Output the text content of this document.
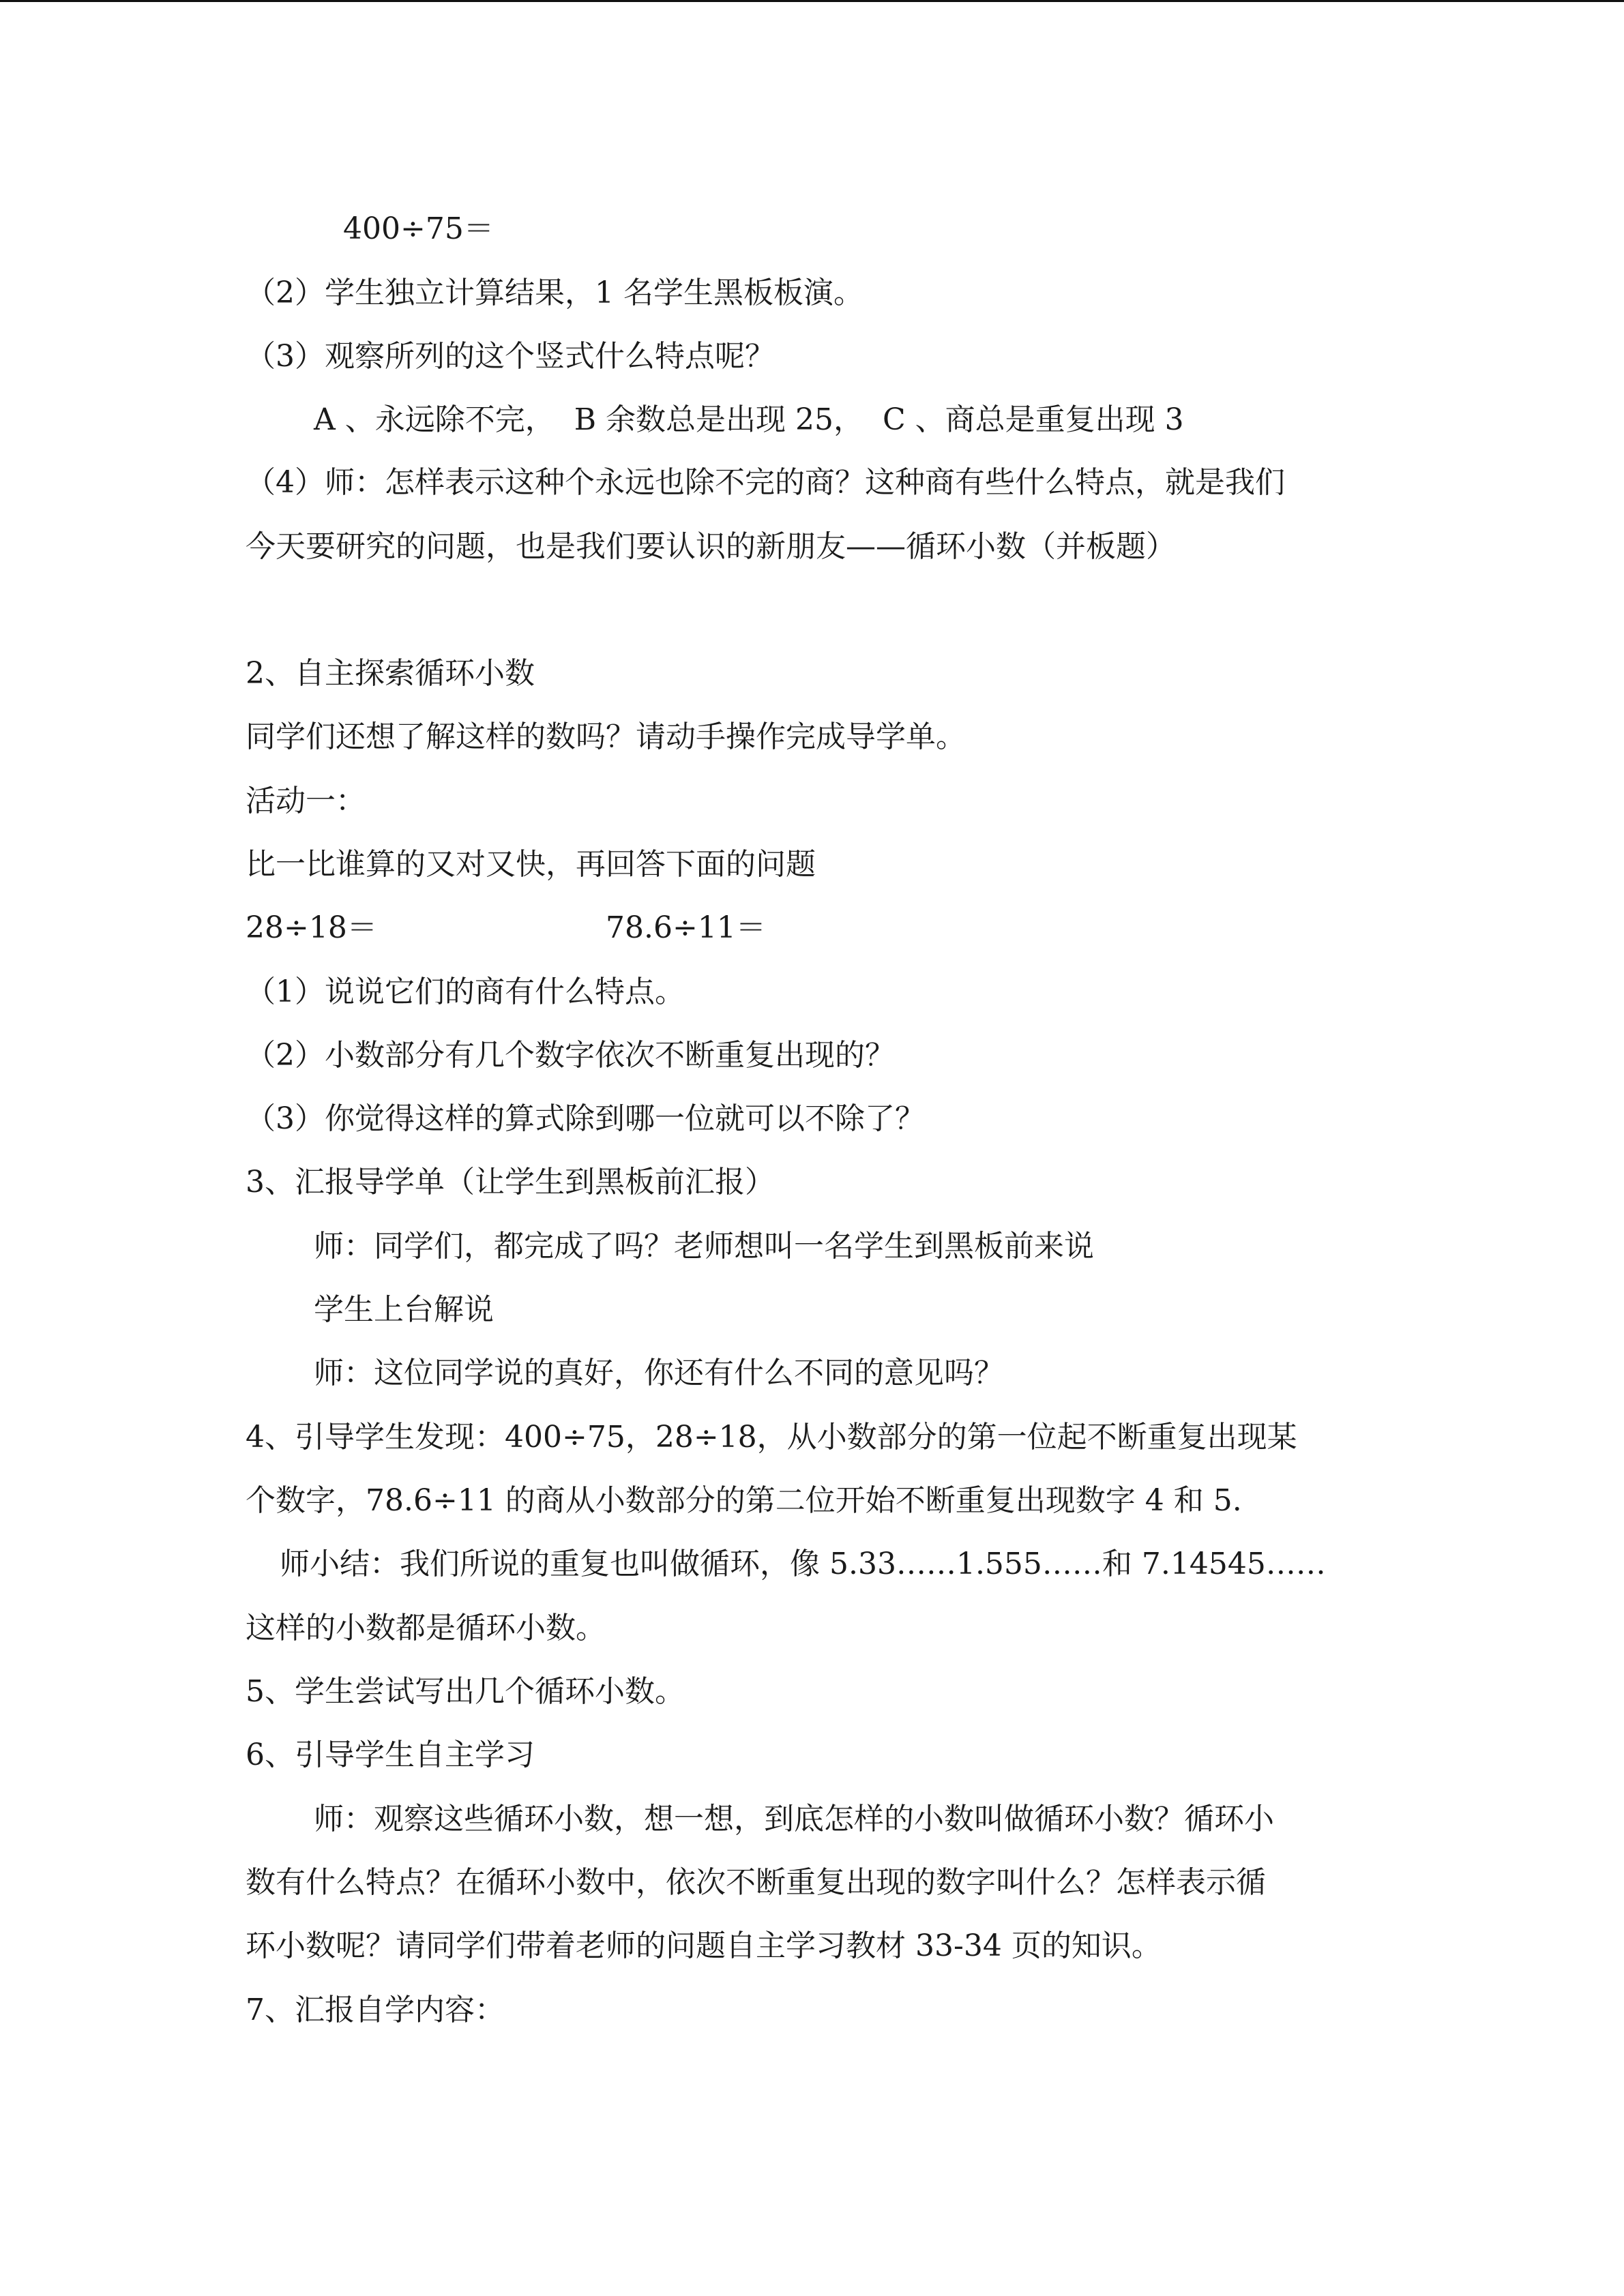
400÷75＝
（2）学生独立计算结果，1 名学生黑板板演。
（3）观察所列的这个竖式什么特点呢？
A 、永远除不完，  B 余数总是出现 25，  C 、商总是重复出现 3
（4）师：怎样表示这种个永远也除不完的商？这种商有些什么特点，就是我们
今天要研究的问题，也是我们要认识的新朋友——循环小数（并板题）
2、自主探索循环小数
同学们还想了解这样的数吗？请动手操作完成导学单。
活动一：
比一比谁算的又对又快，再回答下面的问题
28÷18＝	78.6÷11＝
（1）说说它们的商有什么特点。
（2）小数部分有几个数字依次不断重复出现的？
（3）你觉得这样的算式除到哪一位就可以不除了？
3、汇报导学单（让学生到黑板前汇报）
师：同学们，都完成了吗？老师想叫一名学生到黑板前来说
学生上台解说
师：这位同学说的真好，你还有什么不同的意见吗？
4、引导学生发现：400÷75，28÷18，从小数部分的第一位起不断重复出现某
个数字，78.6÷11 的商从小数部分的第二位开始不断重复出现数字 4 和 5.
师小结：我们所说的重复也叫做循环，像 5.33……1.555……和 7.14545……
这样的小数都是循环小数。
5、学生尝试写出几个循环小数。
6、引导学生自主学习
师：观察这些循环小数，想一想，到底怎样的小数叫做循环小数？循环小
数有什么特点？在循环小数中，依次不断重复出现的数字叫什么？怎样表示循
环小数呢？请同学们带着老师的问题自主学习教材 33-34 页的知识。
7、汇报自学内容：
